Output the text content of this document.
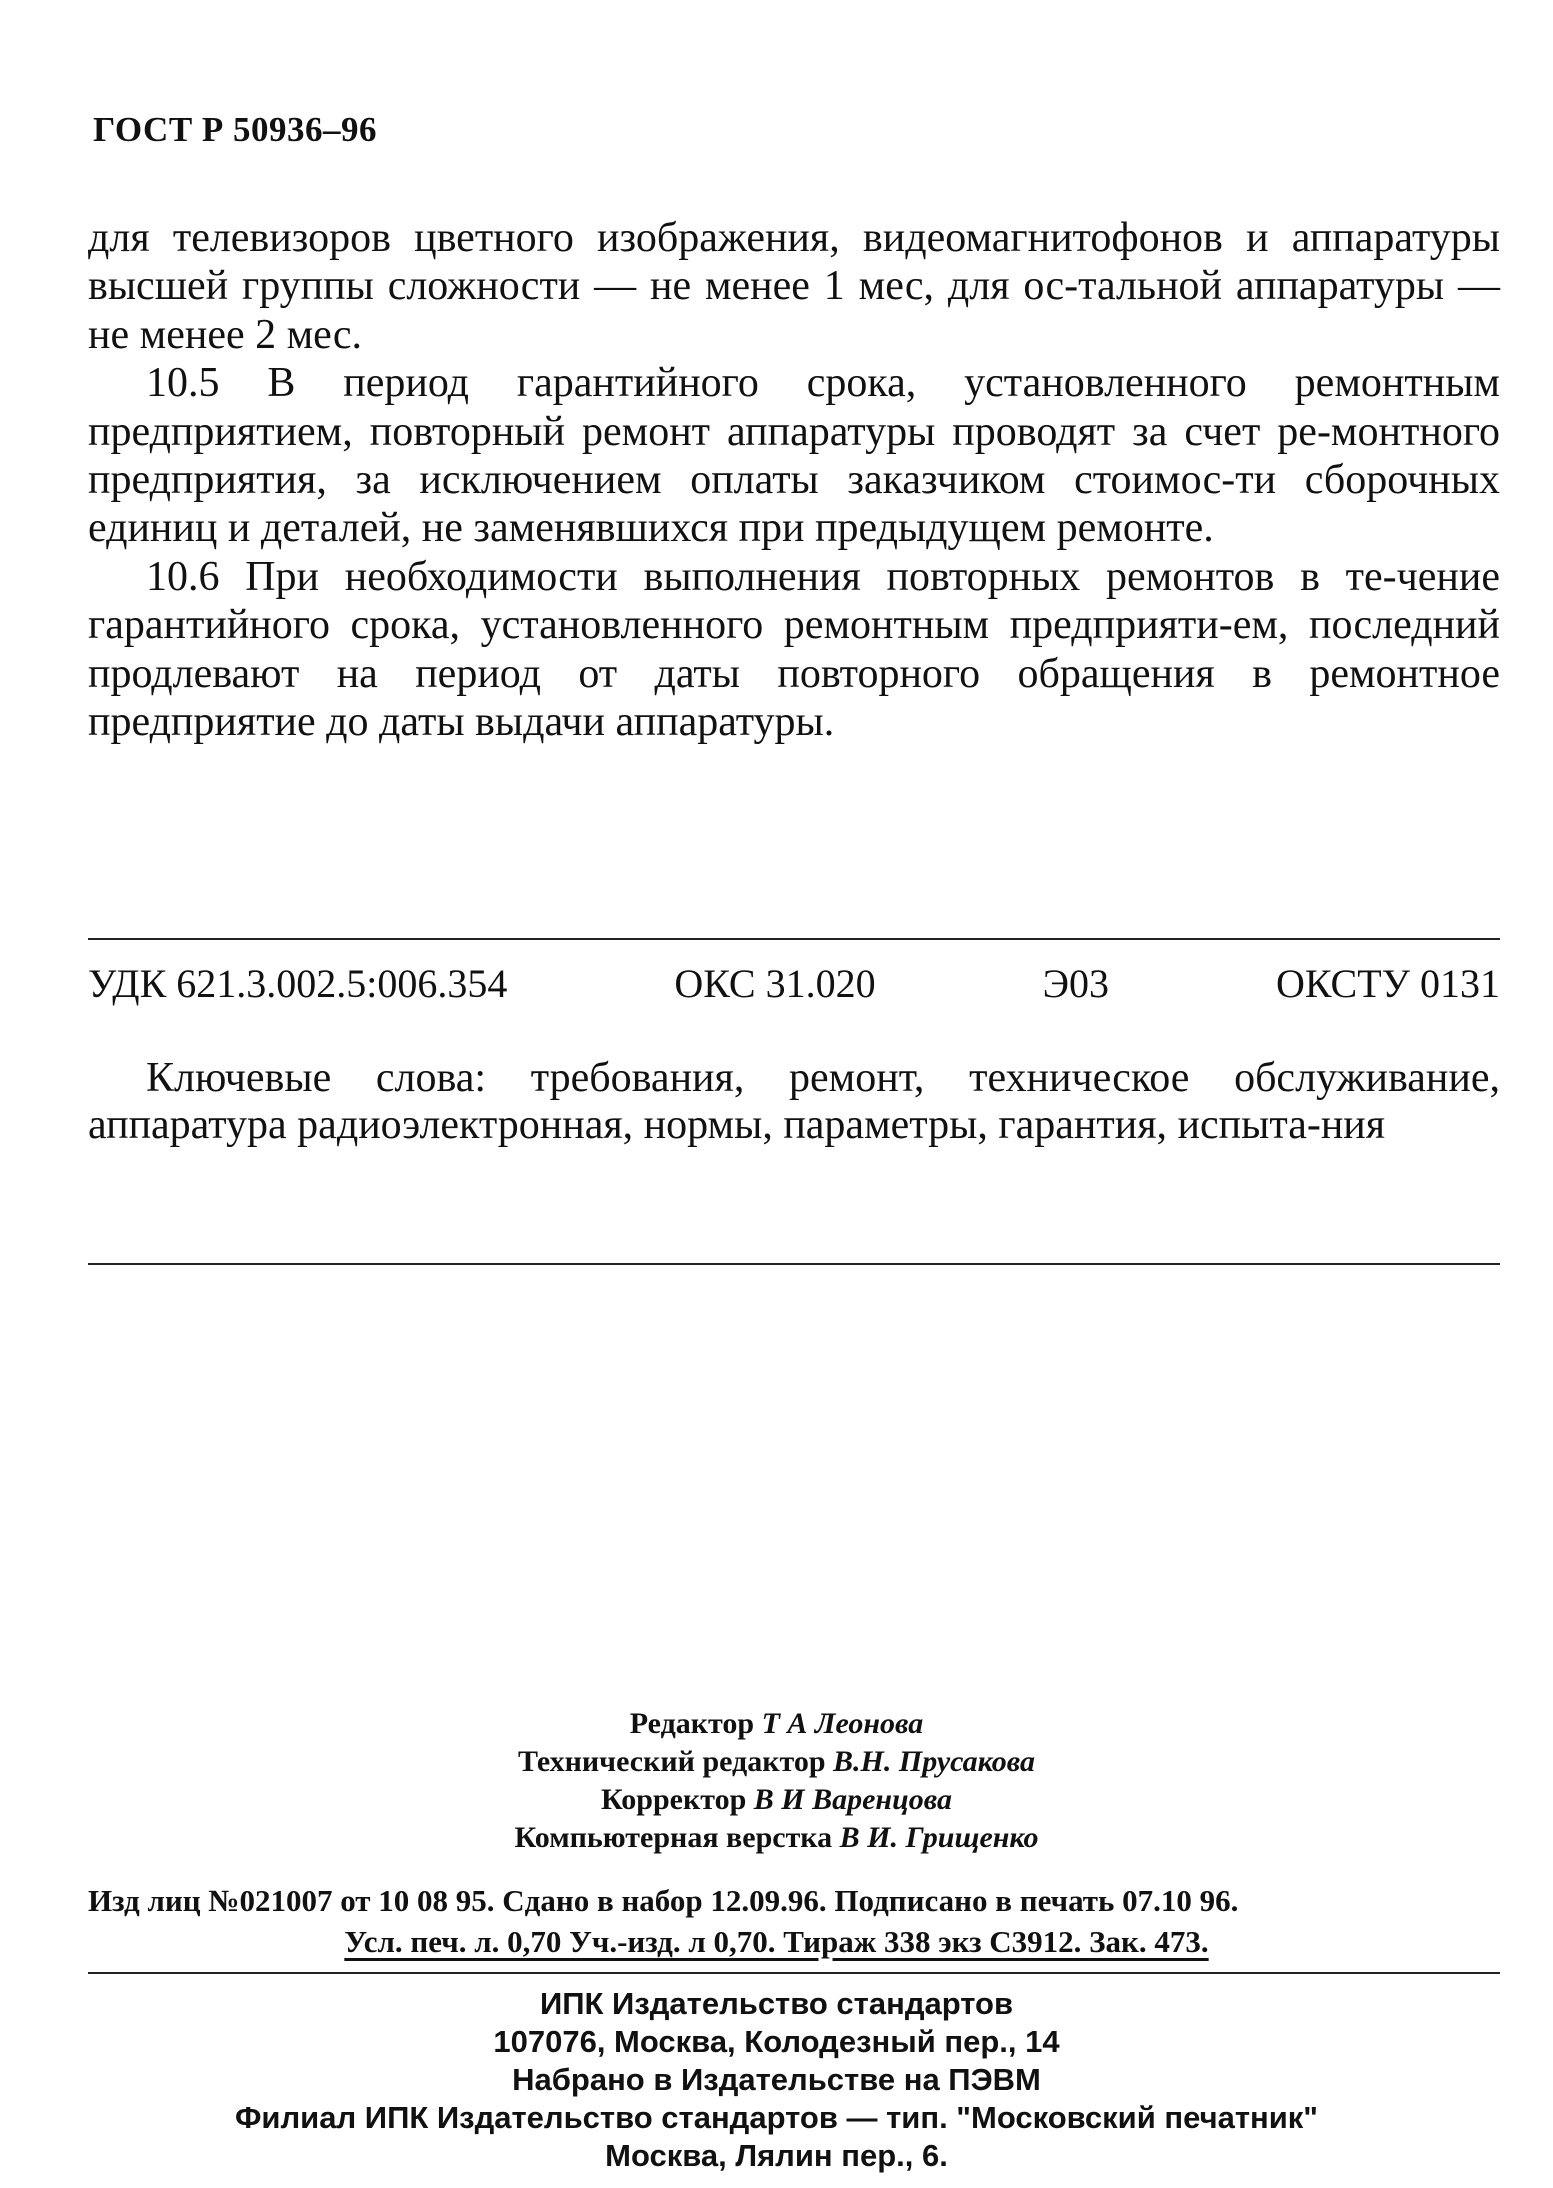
ГОСТ Р 50936–96

для телевизоров цветного изображения, видеомагнитофонов и аппаратуры высшей группы сложности — не менее 1 мес, для ос-тальной аппаратуры — не менее 2 мес.

10.5 В период гарантийного срока, установленного ремонтным предприятием, повторный ремонт аппаратуры проводят за счет ре-монтного предприятия, за исключением оплаты заказчиком стоимос-ти сборочных единиц и деталей, не заменявшихся при предыдущем ремонте.

10.6 При необходимости выполнения повторных ремонтов в те-чение гарантийного срока, установленного ремонтным предприяти-ем, последний продлевают на период от даты повторного обращения в ремонтное предприятие до даты выдачи аппаратуры.

УДК 621.3.002.5:006.354	ОКС 31.020	Э03	ОКСТУ 0131
Ключевые слова: требования, ремонт, техническое обслуживание, аппаратура радиоэлектронная, нормы, параметры, гарантия, испыта-ния
Редактор Т А Леонова
Технический редактор В.Н. Прусакова
Корректор В И Варенцова
Компьютерная верстка В И. Грищенко
Изд лиц №021007 от 10 08 95. Сдано в набор 12.09.96. Подписано в печать 07.10 96.
Усл. печ. л. 0,70 Уч.-изд. л 0,70. Тираж 338 экз С3912. Зак. 473.
ИПК Издательство стандартов
107076, Москва, Колодезный пер., 14
Набрано в Издательстве на ПЭВМ
Филиал ИПК Издательство стандартов — тип. "Московский печатник"
Москва, Лялин пер., 6.
